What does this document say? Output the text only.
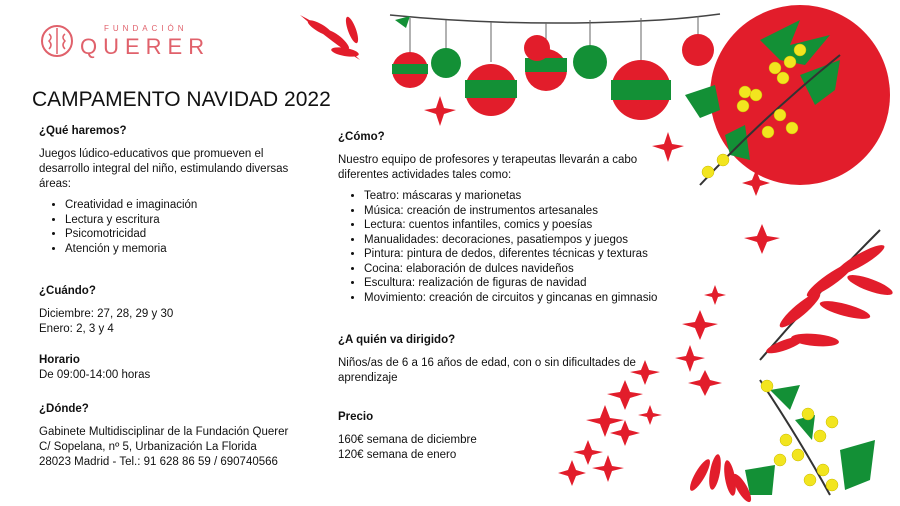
FUNDACIÓN
QUERER
CAMPAMENTO NAVIDAD 2022
¿Qué haremos?

Juegos lúdico-educativos que promueven el desarrollo integral del niño, estimulando diversas áreas:

• Creatividad e imaginación
• Lectura y escritura
• Psicomotricidad
• Atención y memoria
¿Cuándo?

Diciembre: 27, 28, 29 y 30

Enero: 2, 3 y 4

Horario

De 09:00-14:00 horas

¿Dónde?

Gabinete Multidisciplinar de la Fundación Querer

C/ Sopelana, nº 5, Urbanización La Florida

28023 Madrid - Tel.: 91 628 86 59 / 690740566

¿Cómo?

Nuestro equipo de profesores y terapeutas llevarán a cabo diferentes actividades tales como:

• Teatro: máscaras y marionetas
• Música: creación de instrumentos artesanales
• Lectura: cuentos infantiles, comics y poesías
• Manualidades: decoraciones, pasatiempos y juegos
• Pintura: pintura de dedos, diferentes técnicas y texturas
• Cocina: elaboración de dulces navideños
• Escultura: realización de figuras de navidad
• Movimiento: creación de circuitos y gincanas en gimnasio
¿A quién va dirigido?

Niños/as de 6 a 16 años de edad, con o sin dificultades de aprendizaje

Precio

160€ semana de diciembre

120€ semana de enero
